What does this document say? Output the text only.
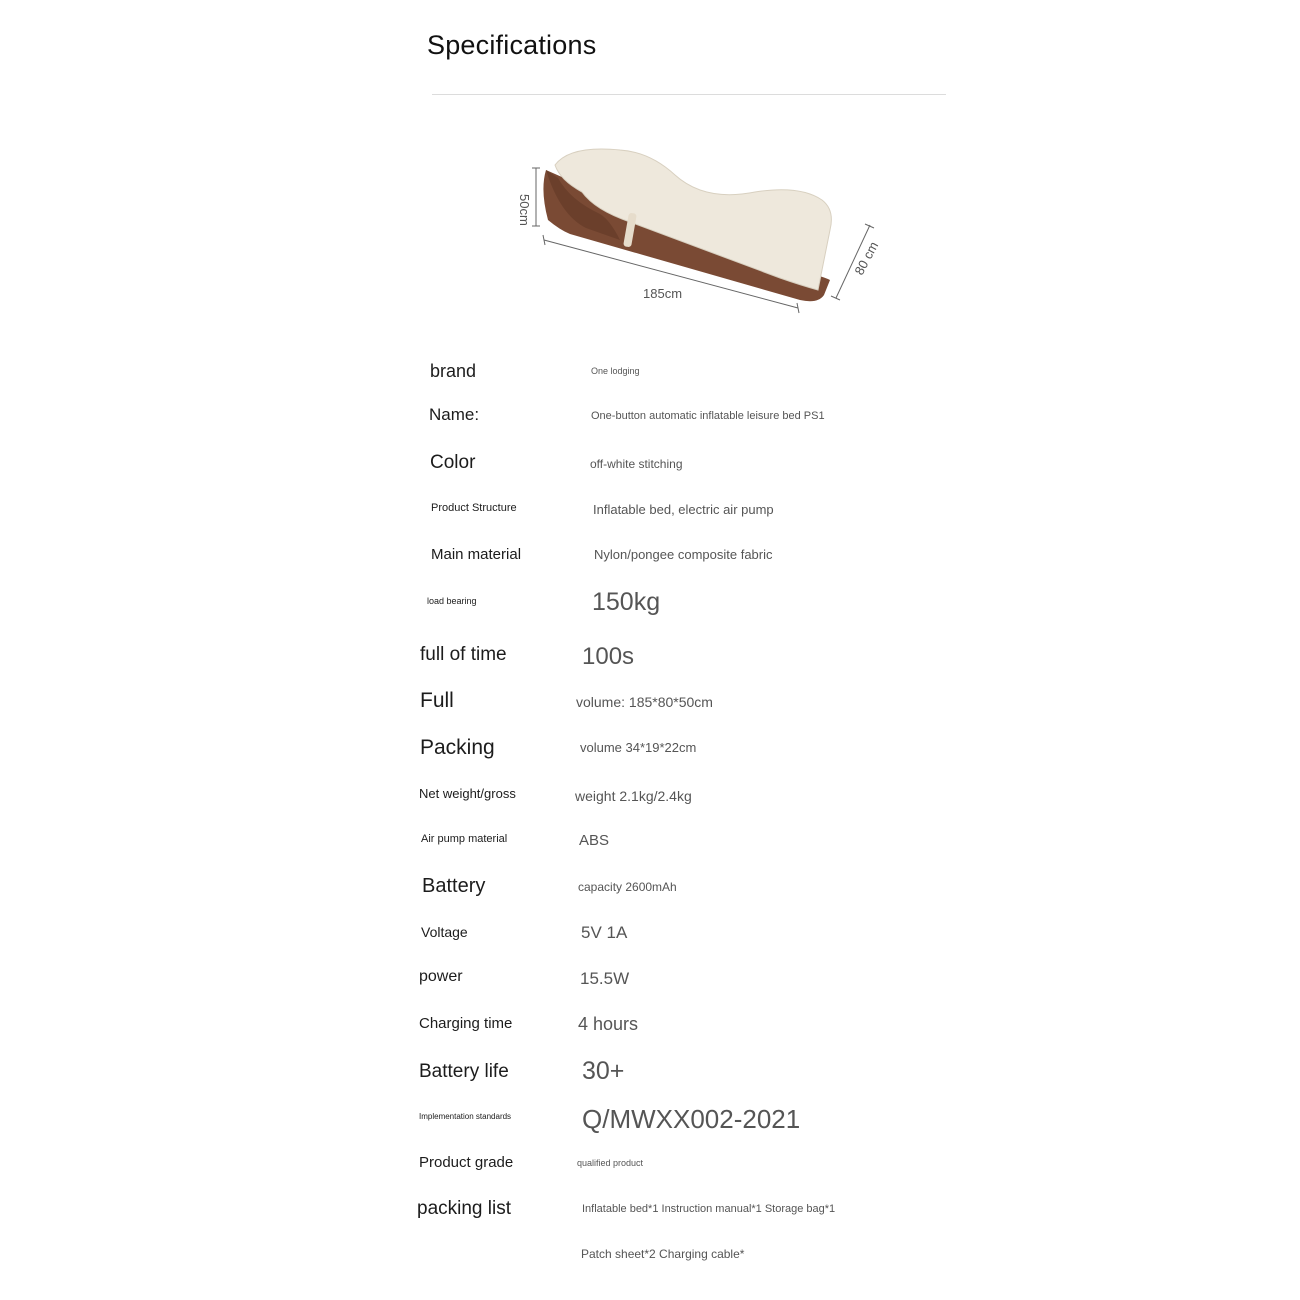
Specifications
50cm
185cm
80 cm
brand	One lodging
Name:	One-button automatic inflatable leisure bed PS1
Color	off-white stitching
Product Structure	Inflatable bed, electric air pump
Main material	Nylon/pongee composite fabric
load bearing	150kg
full of time	100s
Full	volume: 185*80*50cm
Packing	volume 34*19*22cm
Net weight/gross	weight 2.1kg/2.4kg
Air pump material	ABS
Battery	capacity 2600mAh
Voltage	5V 1A
power	15.5W
Charging time	4 hours
Battery life	30+
Implementation standards	Q/MWXX002-2021
Product grade	qualified product
packing list	Inflatable bed*1 Instruction manual*1 Storage bag*1
Patch sheet*2 Charging cable*
